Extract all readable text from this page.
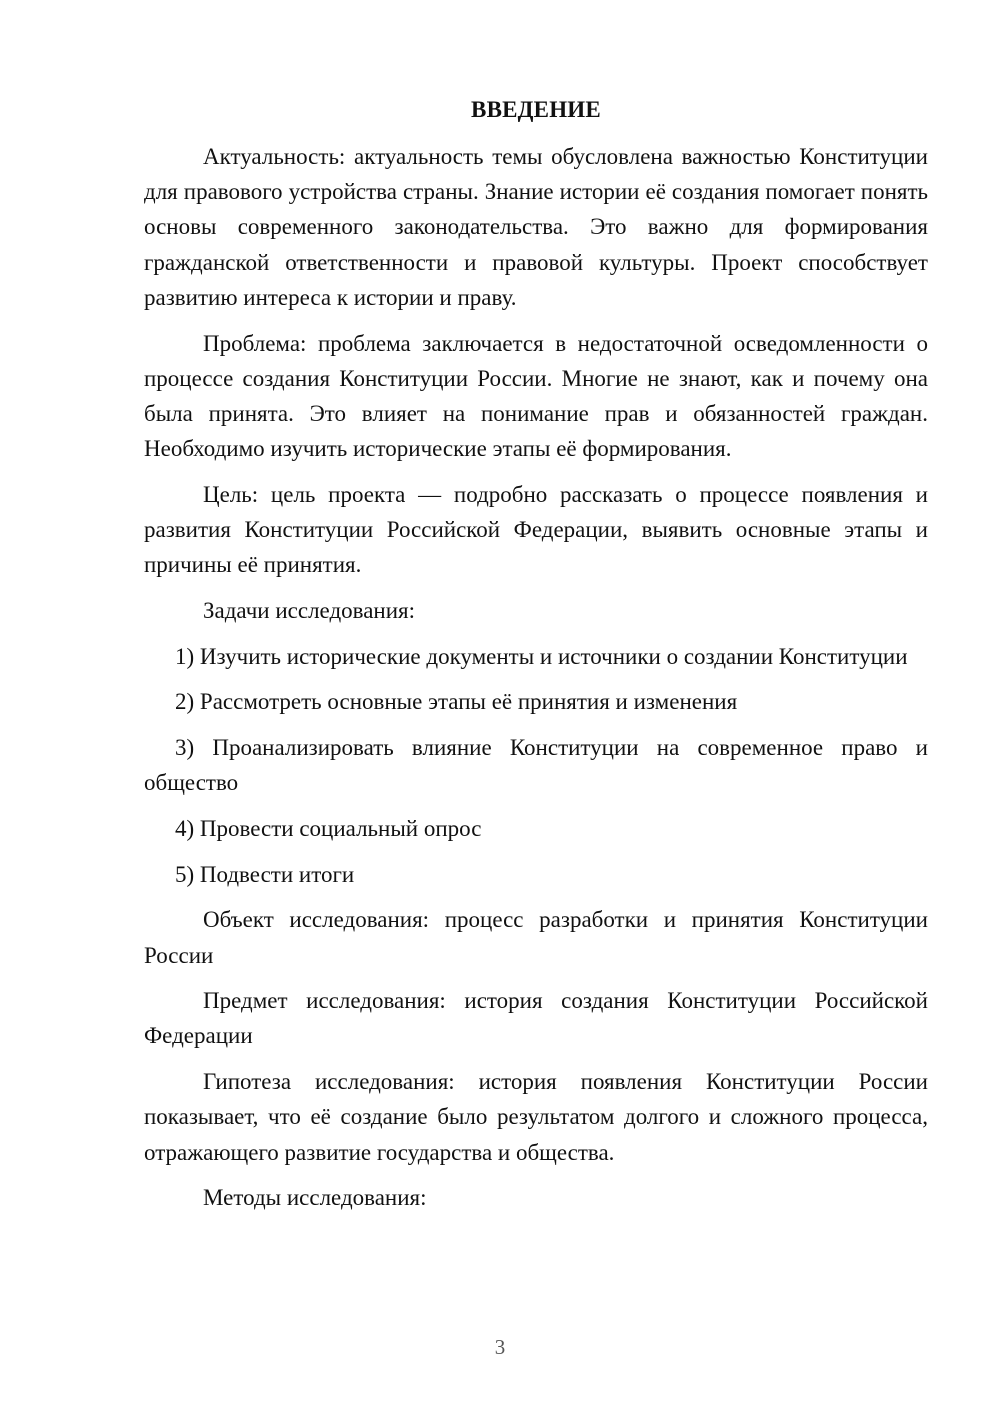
ВВЕДЕНИЕ

Актуальность: актуальность темы обусловлена важностью Конституции для правового устройства страны. Знание истории её создания помогает понять основы современного законодательства. Это важно для формирования гражданской ответственности и правовой культуры. Проект способствует развитию интереса к истории и праву.

Проблема: проблема заключается в недостаточной осведомленности о процессе создания Конституции России. Многие не знают, как и почему она была принята. Это влияет на понимание прав и обязанностей граждан. Необходимо изучить исторические этапы её формирования.

Цель: цель проекта — подробно рассказать о процессе появления и развития Конституции Российской Федерации, выявить основные этапы и причины её принятия.

Задачи исследования:

1) Изучить исторические документы и источники о создании Конституции

2) Рассмотреть основные этапы её принятия и изменения

3) Проанализировать влияние Конституции на современное право и общество

4) Провести социальный опрос

5) Подвести итоги

Объект исследования: процесс разработки и принятия Конституции России

Предмет исследования: история создания Конституции Российской Федерации

Гипотеза исследования: история появления Конституции России показывает, что её создание было результатом долгого и сложного процесса, отражающего развитие государства и общества.

Методы исследования:

3
